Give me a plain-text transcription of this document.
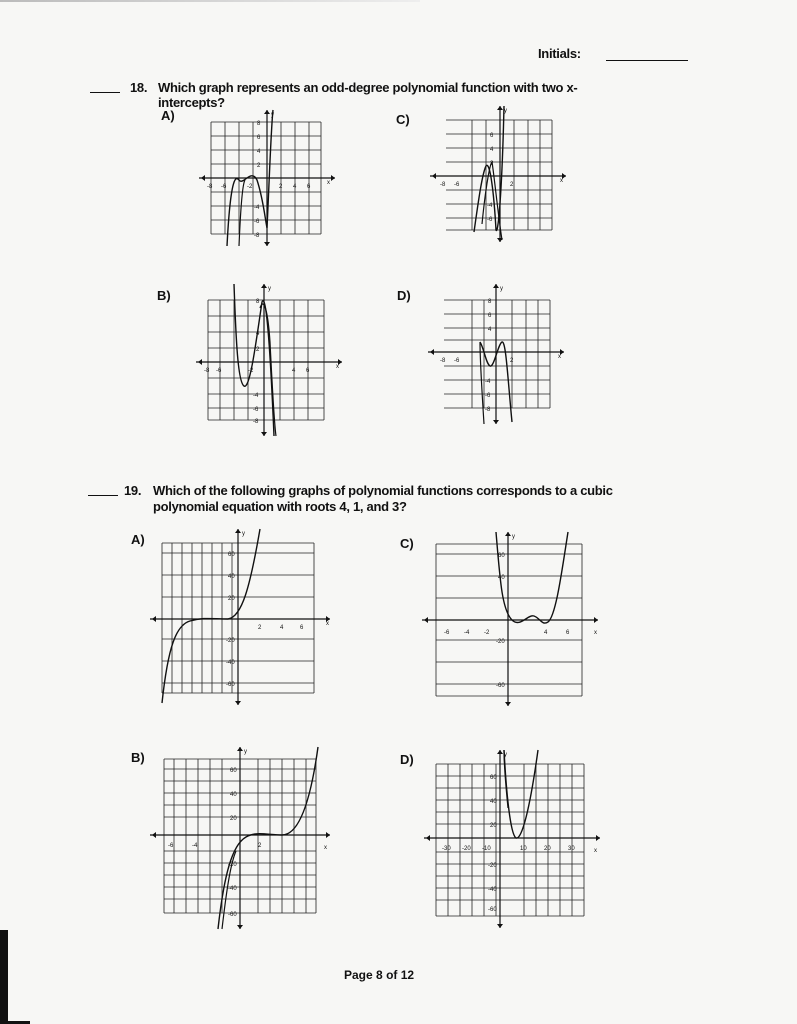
Initials:
18. Which graph represents an odd-degree polynomial function with two x-
intercepts?
A)	C)
B)	D)
x
y
-8 -6	-2	2 4 6
8
6
4
2
-4
-6
-8
x
y
-8 -6	2
6
4
2
-4
-6
x
y
-8 -6	-2	4 6
8
4
2
-4
-6
-8
x
y
-8 -6	2
8
6
4
-4
-6
-8
19. Which of the following graphs of polynomial functions corresponds to a cubic
polynomial equation with roots 4, 1, and 3?
A)	C)
B)	D)
x
y
2	4	6
60
40
20
-20
-40
-60
x
y
-6 -4 -2	4	6
60
40
-20
-60
x
y
-6	-4	2
60
40
20
-20
-40
-60
x
y
-30 -20 -10	10	20	30
60
40
20
-20
-40
-60
Page 8 of 12
